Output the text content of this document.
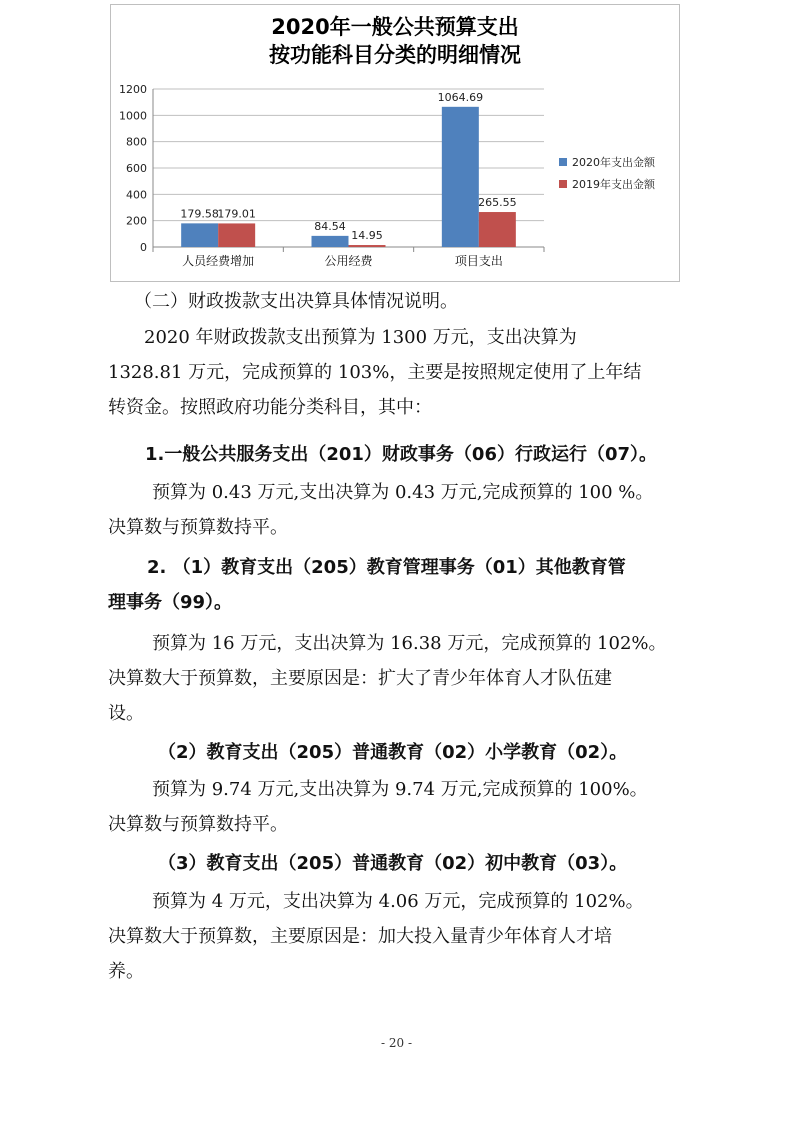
2020年一般公共预算支出
按功能科目分类的明细情况
0
200
400
600
800
1000
1200
179.58
179.01
人员经费增加
84.54
14.95
公用经费
1064.69
265.55
项目支出
2020年支出金额
2019年支出金额
（二）财政拨款支出决算具体情况说明。
2020 年财政拨款支出预算为 1300 万元，支出决算为
1328.81 万元，完成预算的 103%，主要是按照规定使用了上年结
转资金。按照政府功能分类科目，其中：
1.一般公共服务支出（201）财政事务（06）行政运行（07）。
预算为 0.43 万元,支出决算为 0.43 万元,完成预算的 100 %。
决算数与预算数持平。
2. （1）教育支出（205）教育管理事务（01）其他教育管
理事务（99）。
预算为 16 万元，支出决算为 16.38 万元，完成预算的 102%。
决算数大于预算数，主要原因是：扩大了青少年体育人才队伍建
设。
（2）教育支出（205）普通教育（02）小学教育（02）。
预算为 9.74 万元,支出决算为 9.74 万元,完成预算的 100%。
决算数与预算数持平。
（3）教育支出（205）普通教育（02）初中教育（03）。
预算为 4 万元，支出决算为 4.06 万元，完成预算的 102%。
决算数大于预算数，主要原因是：加大投入量青少年体育人才培
养。
- 20 -
